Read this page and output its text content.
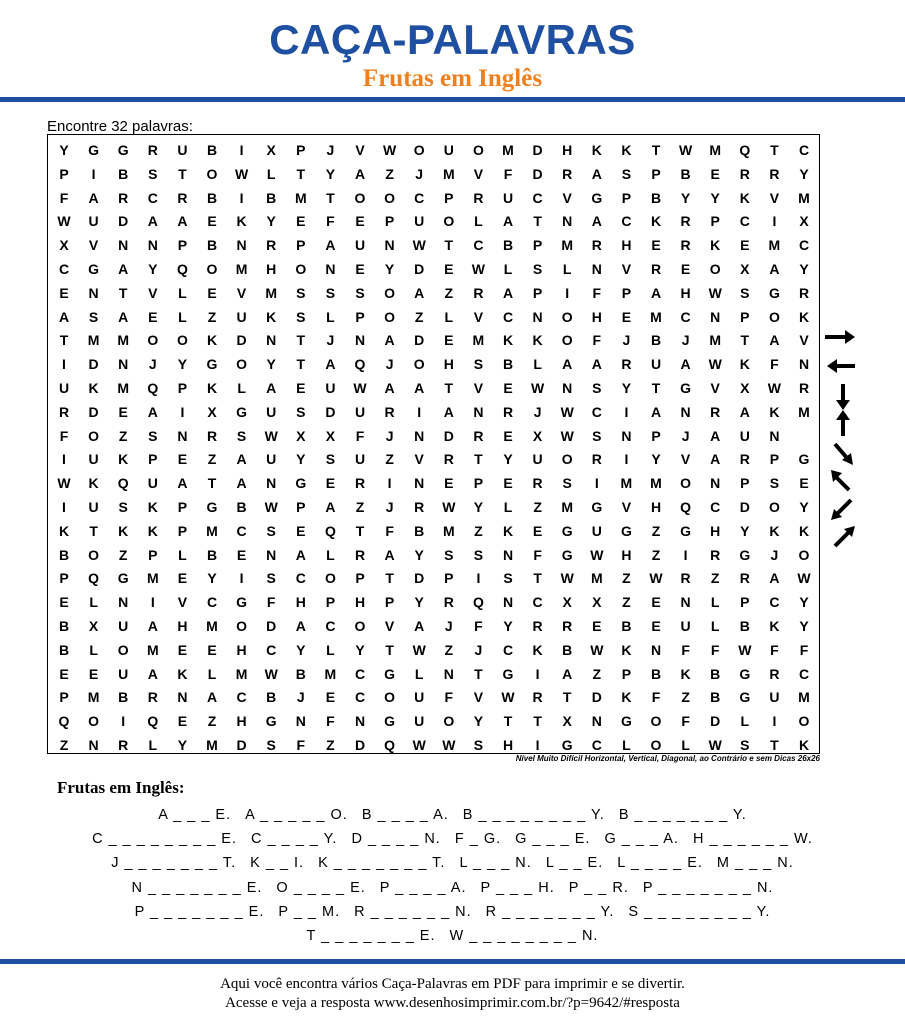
CAÇA-PALAVRAS
Frutas em Inglês
Encontre 32 palavras:
Y	G	G	R	U	B	I	X	P	J	V	W	O	U	O	M	D	H	K	K	T	W	M	Q	T	C
P	I	B	S	T	O	W	L	T	Y	A	Z	J	M	V	F	D	R	A	S	P	B	E	R	R	Y
F	A	R	C	R	B	I	B	M	T	O	O	C	P	R	U	C	V	G	P	B	Y	Y	K	V	M
W	U	D	A	A	E	K	Y	E	F	E	P	U	O	L	A	T	N	A	C	K	R	P	C	I	X
X	V	N	N	P	B	N	R	P	A	U	N	W	T	C	B	P	M	R	H	E	R	K	E	M	C
C	G	A	Y	Q	O	M	H	O	N	E	Y	D	E	W	L	S	L	N	V	R	E	O	X	A	Y
E	N	T	V	L	E	V	M	S	S	S	O	A	Z	R	A	P	I	F	P	A	H	W	S	G	R
A	S	A	E	L	Z	U	K	S	L	P	O	Z	L	V	C	N	O	H	E	M	C	N	P	O	K
T	M	M	O	O	K	D	N	T	J	N	A	D	E	M	K	K	O	F	J	B	J	M	T	A	V
I	D	N	J	Y	G	O	Y	T	A	Q	J	O	H	S	B	L	A	A	R	U	A	W	K	F	N
U	K	M	Q	P	K	L	A	E	U	W	A	A	T	V	E	W	N	S	Y	T	G	V	X	W	R
R	D	E	A	I	X	G	U	S	D	U	R	I	A	N	R	J	W	C	I	A	N	R	A	K	M
F	O	Z	S	N	R	S	W	X	X	F	J	N	D	R	E	X	W	S	N	P	J	A	U	N
I	U	K	P	E	Z	A	U	Y	S	U	Z	V	R	T	Y	U	O	R	I	Y	V	A	R	P	G
W	K	Q	U	A	T	A	N	G	E	R	I	N	E	P	E	R	S	I	M	M	O	N	P	S	E
I	U	S	K	P	G	B	W	P	A	Z	J	R	W	Y	L	Z	M	G	V	H	Q	C	D	O	Y
K	T	K	K	P	M	C	S	E	Q	T	F	B	M	Z	K	E	G	U	G	Z	G	H	Y	K	K
B	O	Z	P	L	B	E	N	A	L	R	A	Y	S	S	N	F	G	W	H	Z	I	R	G	J	O
P	Q	G	M	E	Y	I	S	C	O	P	T	D	P	I	S	T	W	M	Z	W	R	Z	R	A	W
E	L	N	I	V	C	G	F	H	P	H	P	Y	R	Q	N	C	X	X	Z	E	N	L	P	C	Y
B	X	U	A	H	M	O	D	A	C	O	V	A	J	F	Y	R	R	E	B	E	U	L	B	K	Y
B	L	O	M	E	E	H	C	Y	L	Y	T	W	Z	J	C	K	B	W	K	N	F	F	W	F	F
E	E	U	A	K	L	M	W	B	M	C	G	L	N	T	G	I	A	Z	P	B	K	B	G	R	C
P	M	B	R	N	A	C	B	J	E	C	O	U	F	V	W	R	T	D	K	F	Z	B	G	U	M
Q	O	I	Q	E	Z	H	G	N	F	N	G	U	O	Y	T	T	X	N	G	O	F	D	L	I	O
Z	N	R	L	Y	M	D	S	F	Z	D	Q	W	W	S	H	I	G	C	L	O	L	W	S	T	K
Nível Muito Difícil Horizontal, Vertical, Diagonal, ao Contrário e sem Dicas 26x26
Frutas em Inglês:
A _ _ _ E. A _ _ _ _ _ O. B _ _ _ _ A. B _ _ _ _ _ _ _ _ Y. B _ _ _ _ _ _ _ Y.
C _ _ _ _ _ _ _ _ E. C _ _ _ _ Y. D _ _ _ _ N. F _ G. G _ _ _ E. G _ _ _ A. H _ _ _ _ _ _ W.
J _ _ _ _ _ _ _ T. K _ _ I. K _ _ _ _ _ _ _ T. L _ _ _ N. L _ _ E. L _ _ _ _ E. M _ _ _ N.
N _ _ _ _ _ _ _ E. O _ _ _ _ E. P _ _ _ _ A. P _ _ _ H. P _ _ R. P _ _ _ _ _ _ _ N.
P _ _ _ _ _ _ _ E. P _ _ M. R _ _ _ _ _ _ N. R _ _ _ _ _ _ _ Y. S _ _ _ _ _ _ _ _ Y.
T _ _ _ _ _ _ _ E. W _ _ _ _ _ _ _ _ N.
Aqui você encontra vários Caça-Palavras em PDF para imprimir e se divertir.
Acesse e veja a resposta www.desenhosimprimir.com.br/?p=9642/#resposta
